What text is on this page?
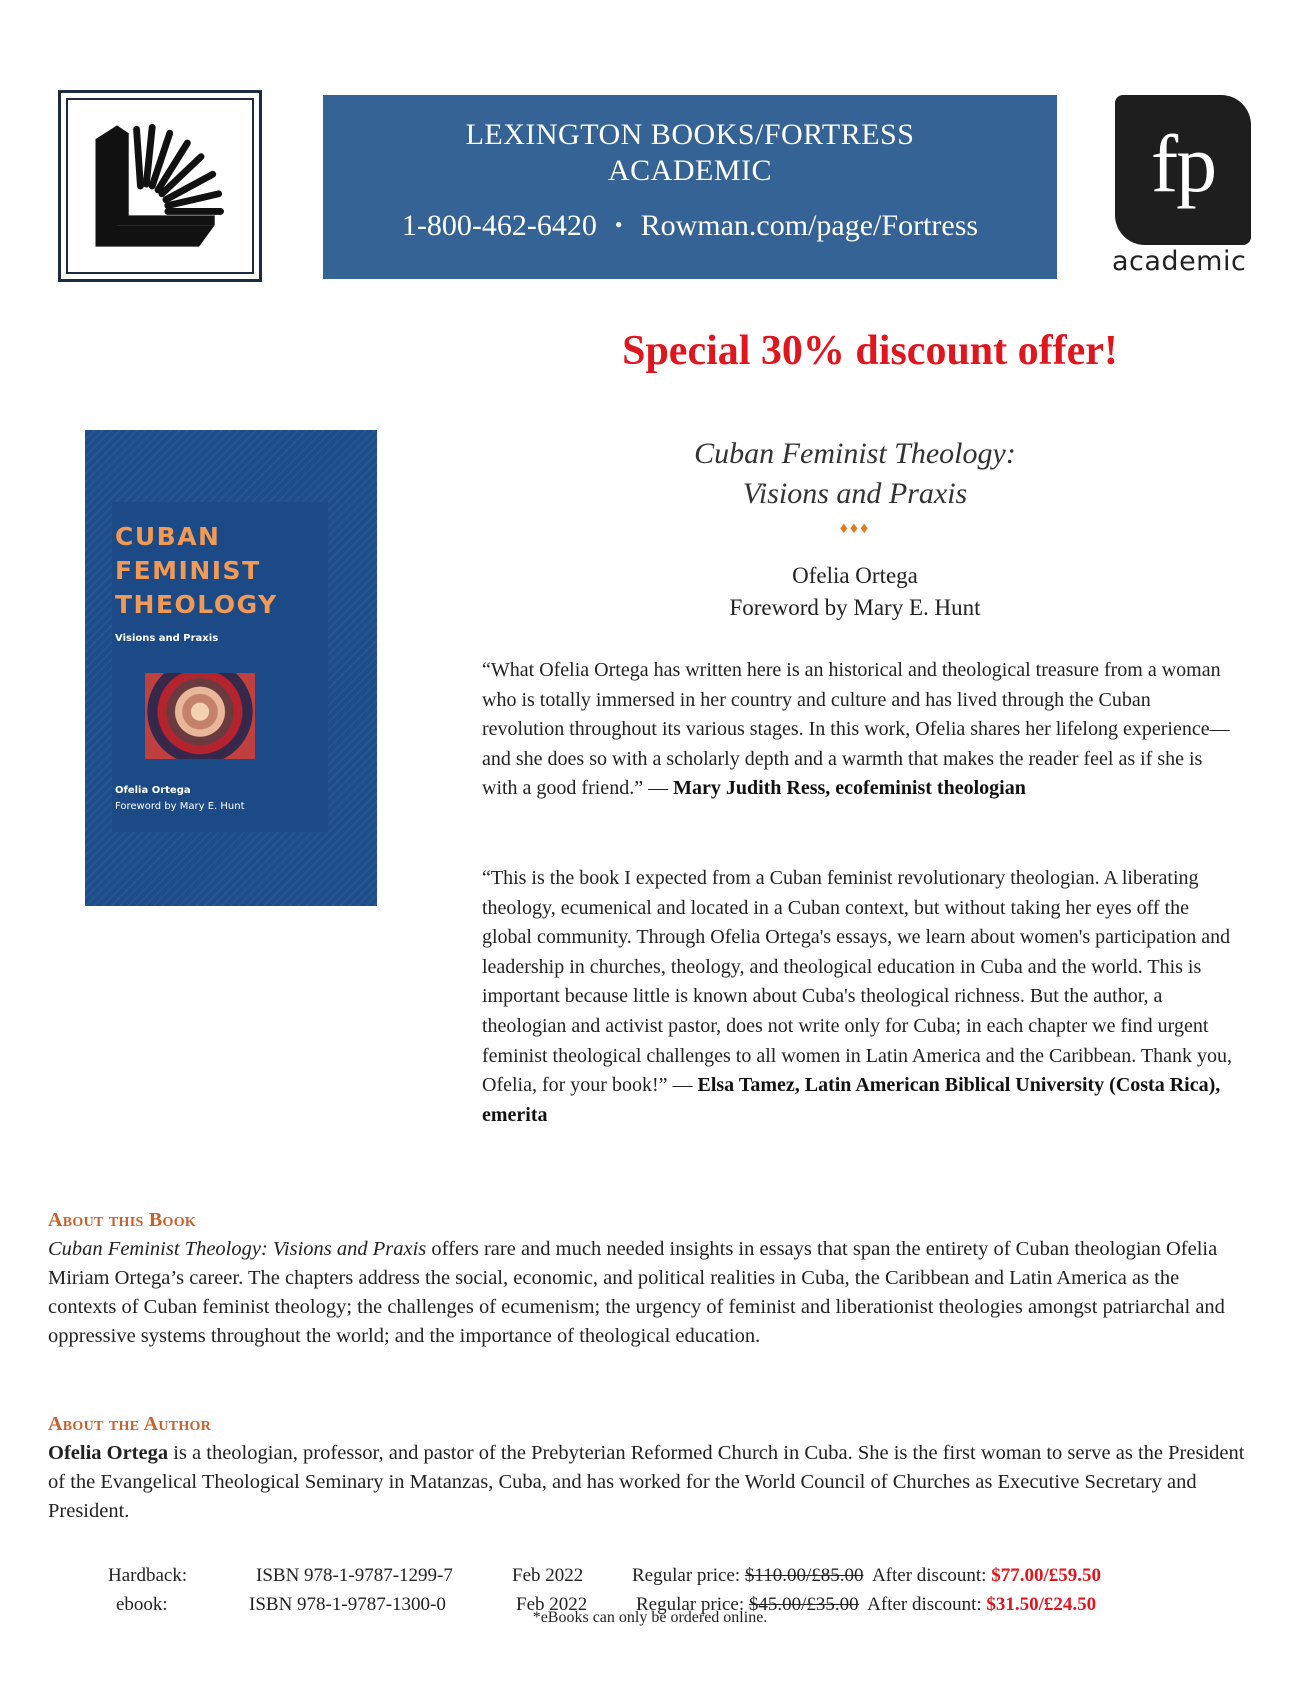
LEXINGTON BOOKS/FORTRESS
ACADEMIC
1-800-462-6420 • Rowman.com/page/Fortress
fp
academic
Special 30% discount offer!
CUBAN
FEMINIST
THEOLOGY
Visions and Praxis
Ofelia Ortega
Foreword by Mary E. Hunt
Cuban Feminist Theology:
Visions and Praxis
♦♦♦
Ofelia Ortega
Foreword by Mary E. Hunt
“What Ofelia Ortega has written here is an historical and theological treasure from a woman who is totally immersed in her country and culture and has lived through the Cuban revolution throughout its various stages. In this work, Ofelia shares her lifelong experience—and she does so with a scholarly depth and a warmth that makes the reader feel as if she is with a good friend.” — Mary Judith Ress, ecofeminist theologian
“This is the book I expected from a Cuban feminist revolutionary theologian. A liberating theology, ecumenical and located in a Cuban context, but without taking her eyes off the global community. Through Ofelia Ortega's essays, we learn about women's participation and leadership in churches, theology, and theological education in Cuba and the world. This is important because little is known about Cuba's theological richness. But the author, a theologian and activist pastor, does not write only for Cuba; in each chapter we find urgent feminist theological challenges to all women in Latin America and the Caribbean. Thank you, Ofelia, for your book!” — Elsa Tamez, Latin American Biblical University (Costa Rica), emerita
About this Book
Cuban Feminist Theology: Visions and Praxis offers rare and much needed insights in essays that span the entirety of Cuban theologian Ofelia Miriam Ortega’s career. The chapters address the social, economic, and political realities in Cuba, the Caribbean and Latin America as the contexts of Cuban feminist theology; the challenges of ecumenism; the urgency of feminist and liberationist theologies amongst patriarchal and oppressive systems throughout the world; and the importance of theological education.
About the Author
Ofelia Ortega is a theologian, professor, and pastor of the Prebyterian Reformed Church in Cuba. She is the first woman to serve as the President of the Evangelical Theological Seminary in Matanzas, Cuba, and has worked for the World Council of Churches as Executive Secretary and President.
Hardback:	ISBN 978-1-9787-1299-7	Feb 2022	Regular price: $110.00/£85.00 After discount: $77.00/£59.50
ebook:	ISBN 978-1-9787-1300-0	Feb 2022	Regular price: $45.00/£35.00 After discount: $31.50/£24.50
*eBooks can only be ordered online.
